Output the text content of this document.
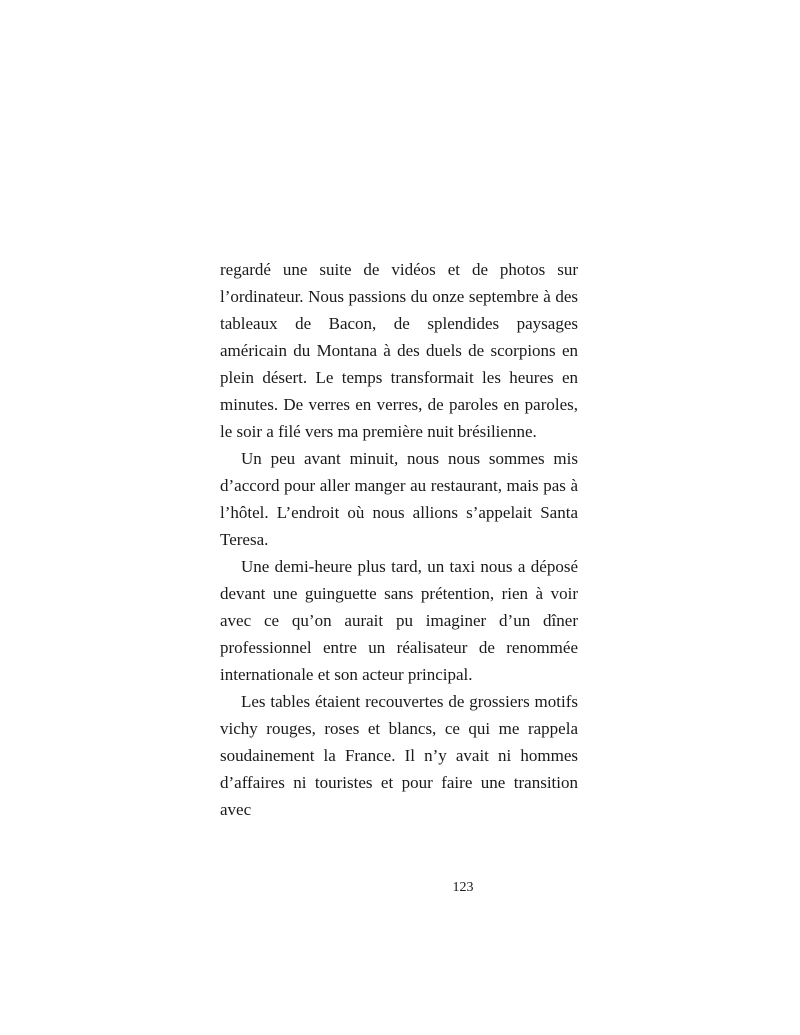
regardé une suite de vidéos et de photos sur l’ordinateur. Nous passions du onze septembre à des tableaux de Bacon, de splendides paysages américain du Montana à des duels de scorpions en plein désert. Le temps transformait les heures en minutes. De verres en verres, de paroles en paroles, le soir a filé vers ma première nuit brésilienne.

Un peu avant minuit, nous nous sommes mis d’accord pour aller manger au restaurant, mais pas à l’hôtel. L’endroit où nous allions s’appelait Santa Teresa.

Une demi-heure plus tard, un taxi nous a déposé devant une guinguette sans prétention, rien à voir avec ce qu’on aurait pu imaginer d’un dîner professionnel entre un réalisateur de renommée internationale et son acteur principal.

Les tables étaient recouvertes de grossiers motifs vichy rouges, roses et blancs, ce qui me rappela soudainement la France. Il n’y avait ni hommes d’affaires ni touristes et pour faire une transition avec

123
